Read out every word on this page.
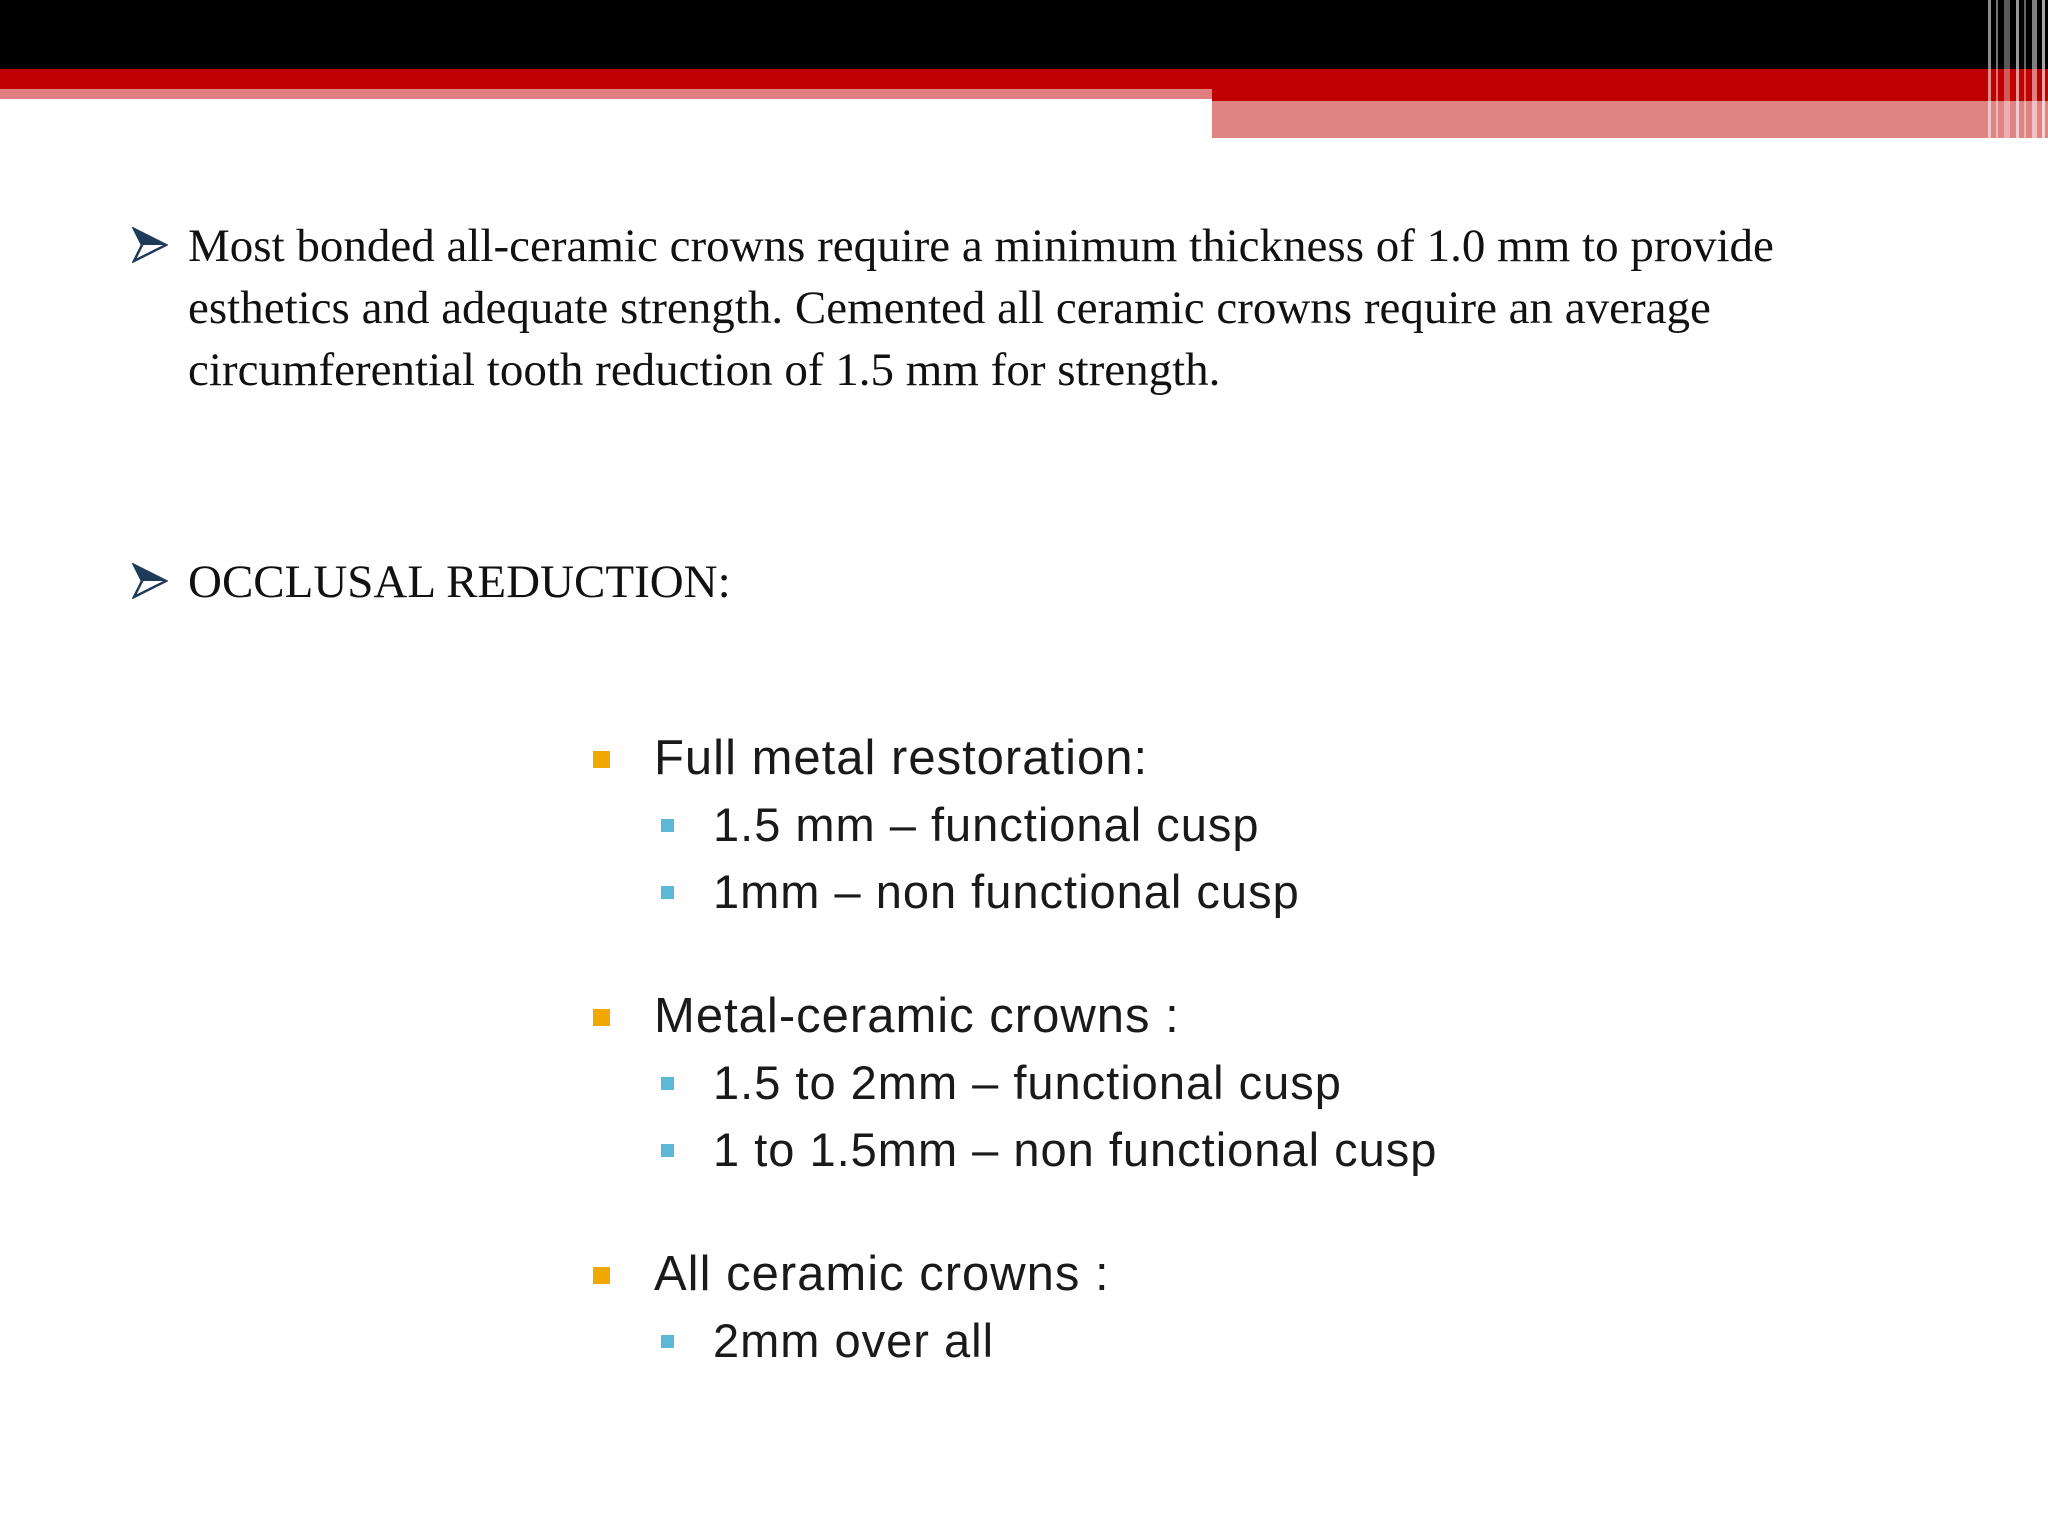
Most bonded all-ceramic crowns require a minimum thickness of 1.0 mm to provide esthetics and adequate strength. Cemented all ceramic crowns require an average circumferential tooth reduction of 1.5 mm for strength.
OCCLUSAL REDUCTION:
Full metal restoration:
1.5 mm – functional cusp
1mm – non functional cusp
Metal-ceramic crowns :
1.5 to 2mm – functional cusp
1 to 1.5mm – non functional cusp
All ceramic crowns :
2mm over all
